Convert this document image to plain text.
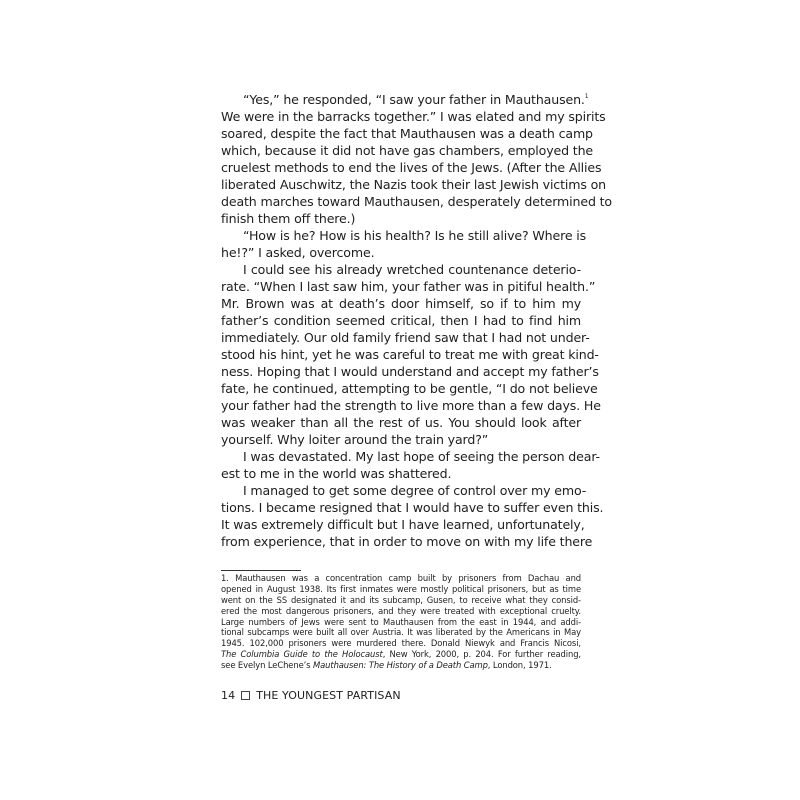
“Yes,” he responded, “I saw your father in Mauthausen.$^1$
We were in the barracks together.” I was elated and my spirits
soared, despite the fact that Mauthausen was a death camp
which, because it did not have gas chambers, employed the
cruelest methods to end the lives of the Jews. (After the Allies
liberated Auschwitz, the Nazis took their last Jewish victims on
death marches toward Mauthausen, desperately determined to
finish them off there.)
“How is he? How is his health? Is he still alive? Where is
he!?” I asked, overcome.
I could see his already wretched countenance deterio-
rate. “When I last saw him, your father was in pitiful health.”
Mr. Brown was at death’s door himself, so if to him my
father’s condition seemed critical, then I had to find him
immediately. Our old family friend saw that I had not under-
stood his hint, yet he was careful to treat me with great kind-
ness. Hoping that I would understand and accept my father’s
fate, he continued, attempting to be gentle, “I do not believe
your father had the strength to live more than a few days. He
was weaker than all the rest of us. You should look after
yourself. Why loiter around the train yard?”
I was devastated. My last hope of seeing the person dear-
est to me in the world was shattered.
I managed to get some degree of control over my emo-
tions. I became resigned that I would have to suffer even this.
It was extremely difficult but I have learned, unfortunately,
from experience, that in order to move on with my life there
1. Mauthausen was a concentration camp built by prisoners from Dachau and
opened in August 1938. Its first inmates were mostly political prisoners, but as time
went on the SS designated it and its subcamp, Gusen, to receive what they consid-
ered the most dangerous prisoners, and they were treated with exceptional cruelty.
Large numbers of Jews were sent to Mauthausen from the east in 1944, and addi-
tional subcamps were built all over Austria. It was liberated by the Americans in May
1945. 102,000 prisoners were murdered there. Donald Niewyk and Francis Nicosi,
The Columbia Guide to the Holocaust, New York, 2000, p. 204. For further reading,
see Evelyn LeChene’s Mauthausen: The History of a Death Camp, London, 1971.
14 THE YOUNGEST PARTISAN
